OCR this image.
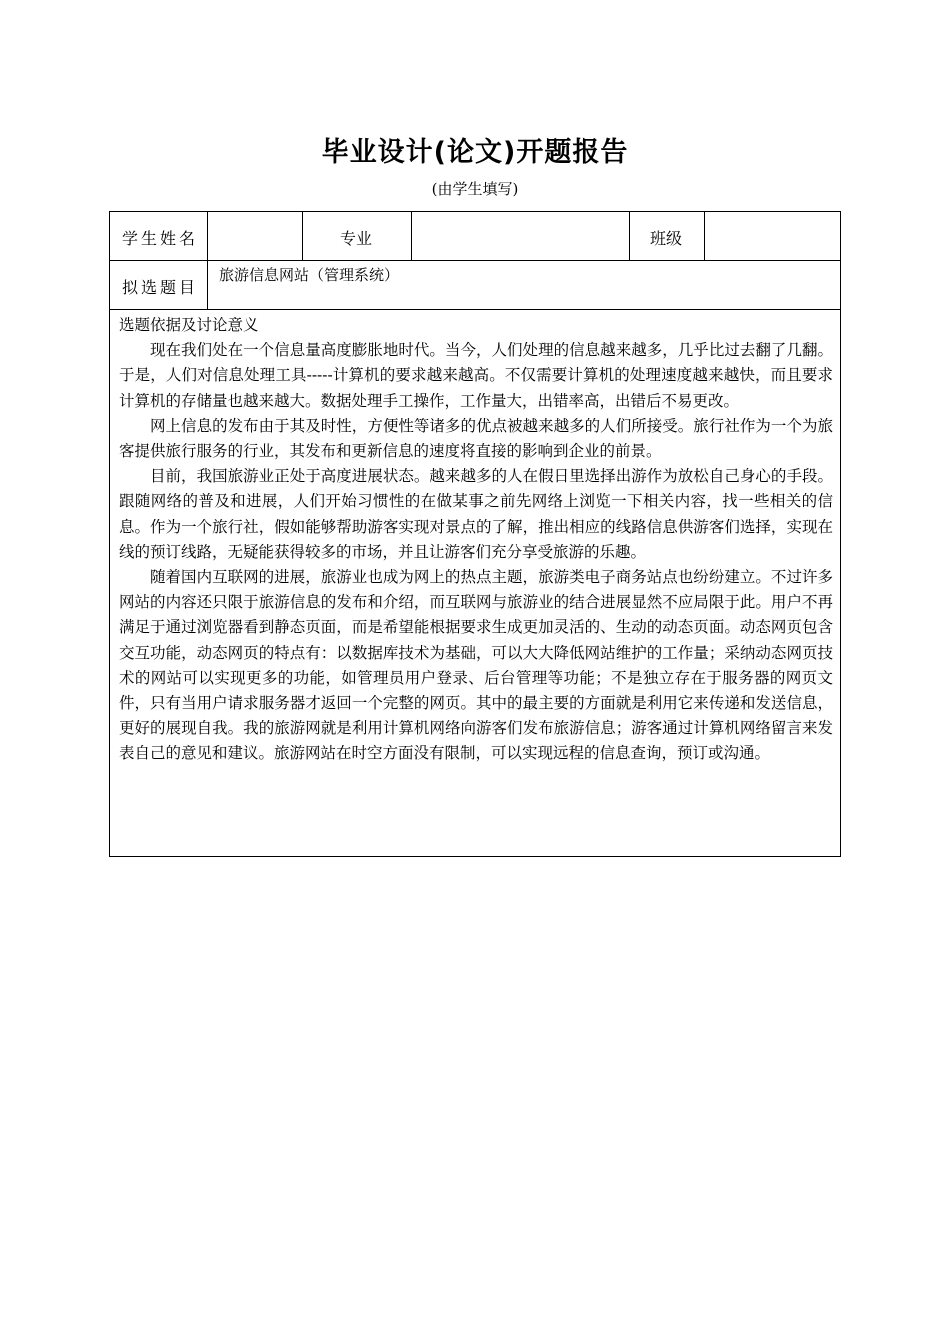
毕业设计(论文)开题报告
(由学生填写)
学生姓名	专业	班级
拟选题目
旅游信息网站（管理系统）

选题依据及讨论意义

现在我们处在一个信息量高度膨胀地时代。当今，人们处理的信息越来越多，几乎比过去翻了几翻。于是，人们对信息处理工具-----计算机的要求越来越高。不仅需要计算机的处理速度越来越快，而且要求计算机的存储量也越来越大。数据处理手工操作，工作量大，出错率高，出错后不易更改。

网上信息的发布由于其及时性，方便性等诸多的优点被越来越多的人们所接受。旅行社作为一个为旅客提供旅行服务的行业，其发布和更新信息的速度将直接的影响到企业的前景。

目前，我国旅游业正处于高度进展状态。越来越多的人在假日里选择出游作为放松自己身心的手段。跟随网络的普及和进展，人们开始习惯性的在做某事之前先网络上浏览一下相关内容，找一些相关的信息。作为一个旅行社，假如能够帮助游客实现对景点的了解，推出相应的线路信息供游客们选择，实现在线的预订线路，无疑能获得较多的市场，并且让游客们充分享受旅游的乐趣。

随着国内互联网的进展，旅游业也成为网上的热点主题，旅游类电子商务站点也纷纷建立。不过许多网站的内容还只限于旅游信息的发布和介绍，而互联网与旅游业的结合进展显然不应局限于此。用户不再满足于通过浏览器看到静态页面，而是希望能根据要求生成更加灵活的、生动的动态页面。动态网页包含交互功能，动态网页的特点有：以数据库技术为基础，可以大大降低网站维护的工作量；采纳动态网页技术的网站可以实现更多的功能，如管理员用户登录、后台管理等功能；不是独立存在于服务器的网页文件，只有当用户请求服务器才返回一个完整的网页。其中的最主要的方面就是利用它来传递和发送信息，更好的展现自我。我的旅游网就是利用计算机网络向游客们发布旅游信息；游客通过计算机网络留言来发表自己的意见和建议。旅游网站在时空方面没有限制，可以实现远程的信息查询，预订或沟通。
